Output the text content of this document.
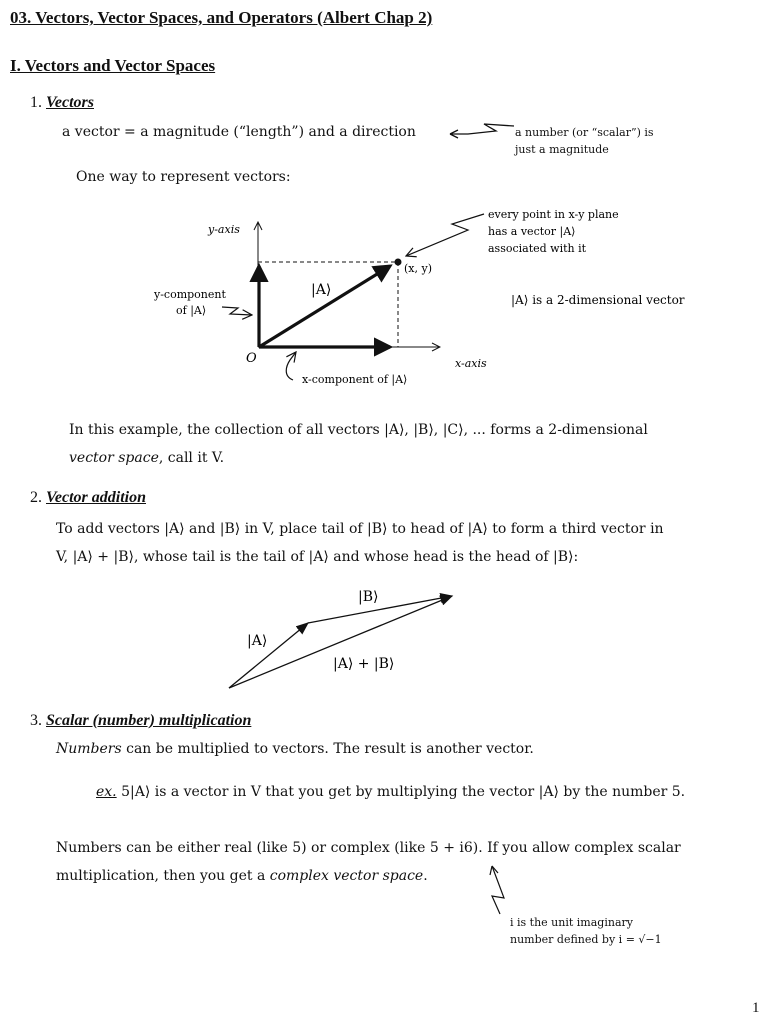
03. Vectors, Vector Spaces, and Operators (Albert Chap 2)
I. Vectors and Vector Spaces
1. Vectors
a vector = a magnitude (“length”) and a direction	a number (or “scalar”) is
just a magnitude
One way to represent vectors:
y-axis
x-axis
O
(x, y)
|A⟩
y-component
of |A⟩
x-component of |A⟩
every point in x-y plane
has a vector |A⟩
associated with it
|A⟩ is a 2-dimensional vector
In this example, the collection of all vectors |A⟩, |B⟩, |C⟩, ... forms a 2-dimensional
vector space, call it V.
2. Vector addition
To add vectors |A⟩ and |B⟩ in V, place tail of |B⟩ to head of |A⟩ to form a third vector in
V, |A⟩ + |B⟩, whose tail is the tail of |A⟩ and whose head is the head of |B⟩:
|A⟩
|B⟩
|A⟩ + |B⟩
3. Scalar (number) multiplication
Numbers can be multiplied to vectors. The result is another vector.
ex. 5|A⟩ is a vector in V that you get by multiplying the vector |A⟩ by the number 5.
Numbers can be either real (like 5) or complex (like 5 + i6). If you allow complex scalar
multiplication, then you get a complex vector space.
i is the unit imaginary
number defined by i = √−1
1
